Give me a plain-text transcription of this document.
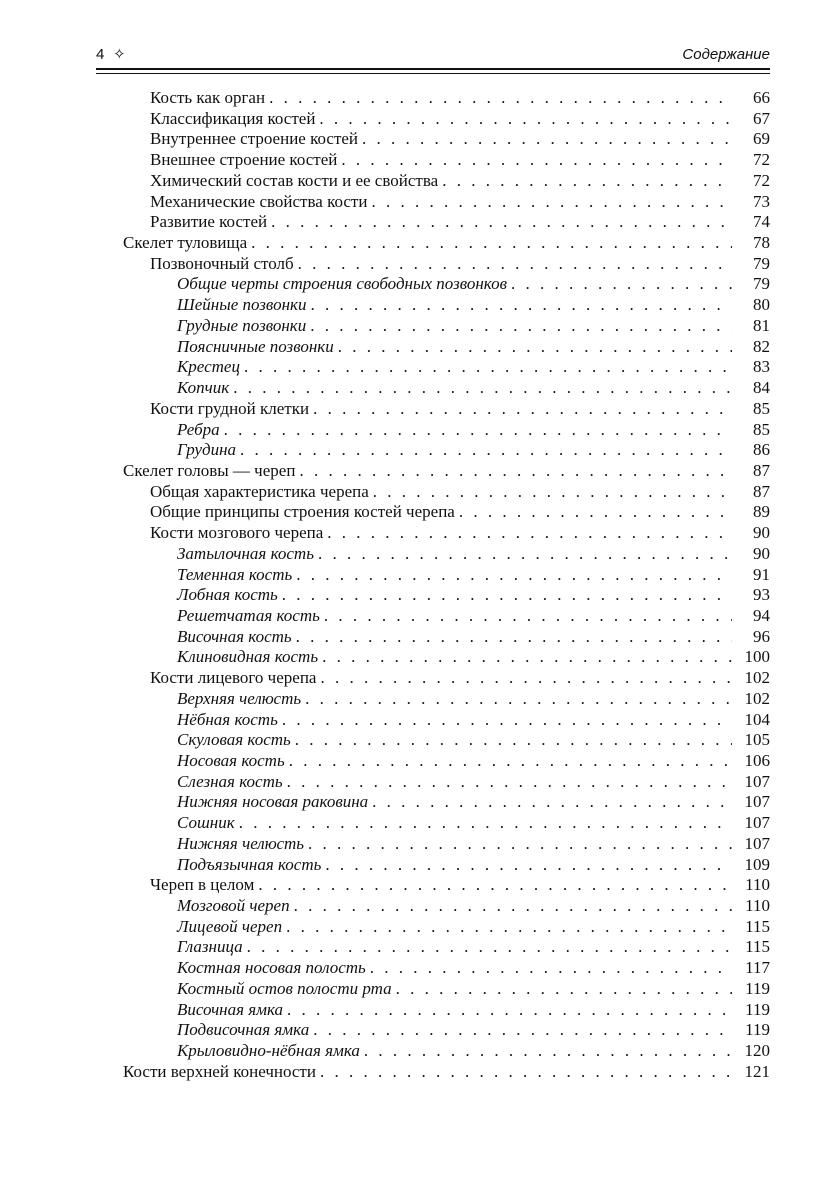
4 ✧	Содержание
Кость как орган . . .	66
Классификация костей . . .	67
Внутреннее строение костей . . .	69
Внешнее строение костей . . .	72
Химический состав кости и ее свойства . . .	72
Механические свойства кости . . .	73
Развитие костей . . .	74
Скелет туловища . . .	78
Позвоночный столб . . .	79
Общие черты строения свободных позвонков . . .	79
Шейные позвонки . . .	80
Грудные позвонки . . .	81
Поясничные позвонки . . .	82
Крестец . . .	83
Копчик . . .	84
Кости грудной клетки . . .	85
Ребра . . .	85
Грудина . . .	86
Скелет головы — череп . . .	87
Общая характеристика черепа . . .	87
Общие принципы строения костей черепа . . .	89
Кости мозгового черепа . . .	90
Затылочная кость . . .	90
Теменная кость . . .	91
Лобная кость . . .	93
Решетчатая кость . . .	94
Височная кость . . .	96
Клиновидная кость . . .	100
Кости лицевого черепа . . .	102
Верхняя челюсть . . .	102
Нёбная кость . . .	104
Скуловая кость . . .	105
Носовая кость . . .	106
Слезная кость . . .	107
Нижняя носовая раковина . . .	107
Сошник . . .	107
Нижняя челюсть . . .	107
Подъязычная кость . . .	109
Череп в целом . . .	110
Мозговой череп . . .	110
Лицевой череп . . .	115
Глазница . . .	115
Костная носовая полость . . .	117
Костный остов полости рта . . .	119
Височная ямка . . .	119
Подвисочная ямка . . .	119
Крыловидно-нёбная ямка . . .	120
Кости верхней конечности . . .	121
